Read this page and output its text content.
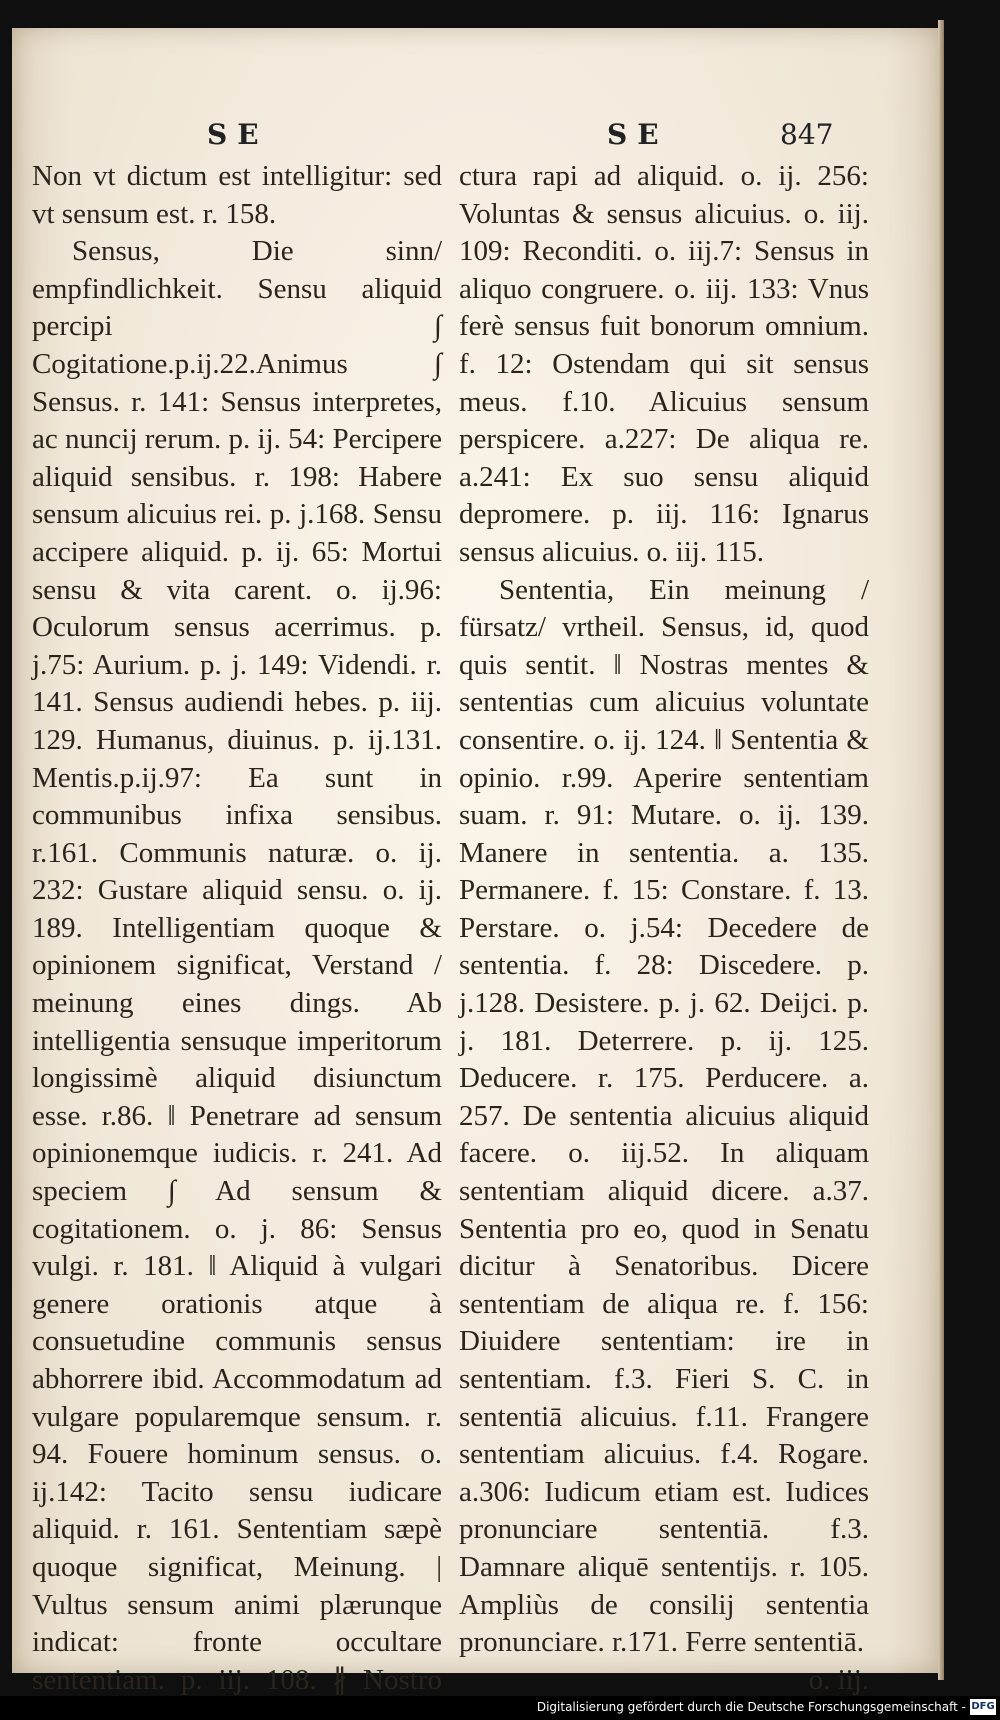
SE	SE	847

Non vt dictum est intelligitur: sed vt sensum est. r. 158.

Sensus, Die sinn/ empfindlichkeit. Sensu aliquid percipi ∫ Cogitatione.p.ij.22.Animus ∫ Sensus. r. 141: Sensus interpretes, ac nuncij rerum. p. ij. 54: Percipere aliquid sensibus. r. 198: Habere sensum alicuius rei. p. j.168. Sensu accipere aliquid. p. ij. 65: Mortui sensu & vita carent. o. ij.96: Oculorum sensus acerrimus. p. j.75: Aurium. p. j. 149: Videndi. r. 141. Sensus audiendi hebes. p. iij. 129. Humanus, diuinus. p. ij.131. Mentis.p.ij.97: Ea sunt in communibus infixa sensibus. r.161. Communis naturæ. o. ij. 232: Gustare aliquid sensu. o. ij. 189. Intelligentiam quoque & opinionem significat, Verstand / meinung eines dings. Ab intelligentia sensuque imperitorum longissimè aliquid disiunctum esse. r.86. ‖ Penetrare ad sensum opinionemque iudicis. r. 241. Ad speciem ∫ Ad sensum & cogitationem. o. j. 86: Sensus vulgi. r. 181. ‖ Aliquid à vulgari genere orationis atque à consuetudine communis sensus abhorrere ibid. Accommodatum ad vulgare popularemque sensum. r. 94. Fouere hominum sensus. o. ij.142: Tacito sensu iudicare aliquid. r. 161. Sententiam sæpè quoque significat, Meinung. | Vultus sensum animi plærunque indicat: fronte occultare sententiam. p. iij. 108. ∦ Nostro

ctura rapi ad aliquid. o. ij. 256: Voluntas & sensus alicuius. o. iij. 109: Reconditi. o. iij.7: Sensus in aliquo congruere. o. iij. 133: Vnus ferè sensus fuit bonorum omnium. f. 12: Ostendam qui sit sensus meus. f.10. Alicuius sensum perspicere. a.227: De aliqua re. a.241: Ex suo sensu aliquid depromere. p. iij. 116: Ignarus sensus alicuius. o. iij. 115.

Sententia, Ein meinung / fürsatz/ vrtheil. Sensus, id, quod quis sentit. ‖ Nostras mentes & sententias cum alicuius voluntate consentire. o. ij. 124. ‖ Sententia & opinio. r.99. Aperire sententiam suam. r. 91: Mutare. o. ij. 139. Manere in sententia. a. 135. Permanere. f. 15: Constare. f. 13. Perstare. o. j.54: Decedere de sententia. f. 28: Discedere. p. j.128. Desistere. p. j. 62. Deijci. p. j. 181. Deterrere. p. ij. 125. Deducere. r. 175. Perducere. a. 257. De sententia alicuius aliquid facere. o. iij.52. In aliquam sententiam aliquid dicere. a.37. Sententia pro eo, quod in Senatu dicitur à Senatoribus. Dicere sententiam de aliqua re. f. 156: Diuidere sententiam: ire in sententiam. f.3. Fieri S. C. in sententiā alicuius. f.11. Frangere sententiam alicuius. f.4. Rogare. a.306: Iudicum etiam est. Iudices pronunciare sententiā. f.3. Damnare aliquē sententijs. r. 105. Ampliùs de consilij sententia pronunciare. r.171. Ferre sententiā.

o. iij.

Digitalisierung gefördert durch die Deutsche Forschungsgemeinschaft - DFG
